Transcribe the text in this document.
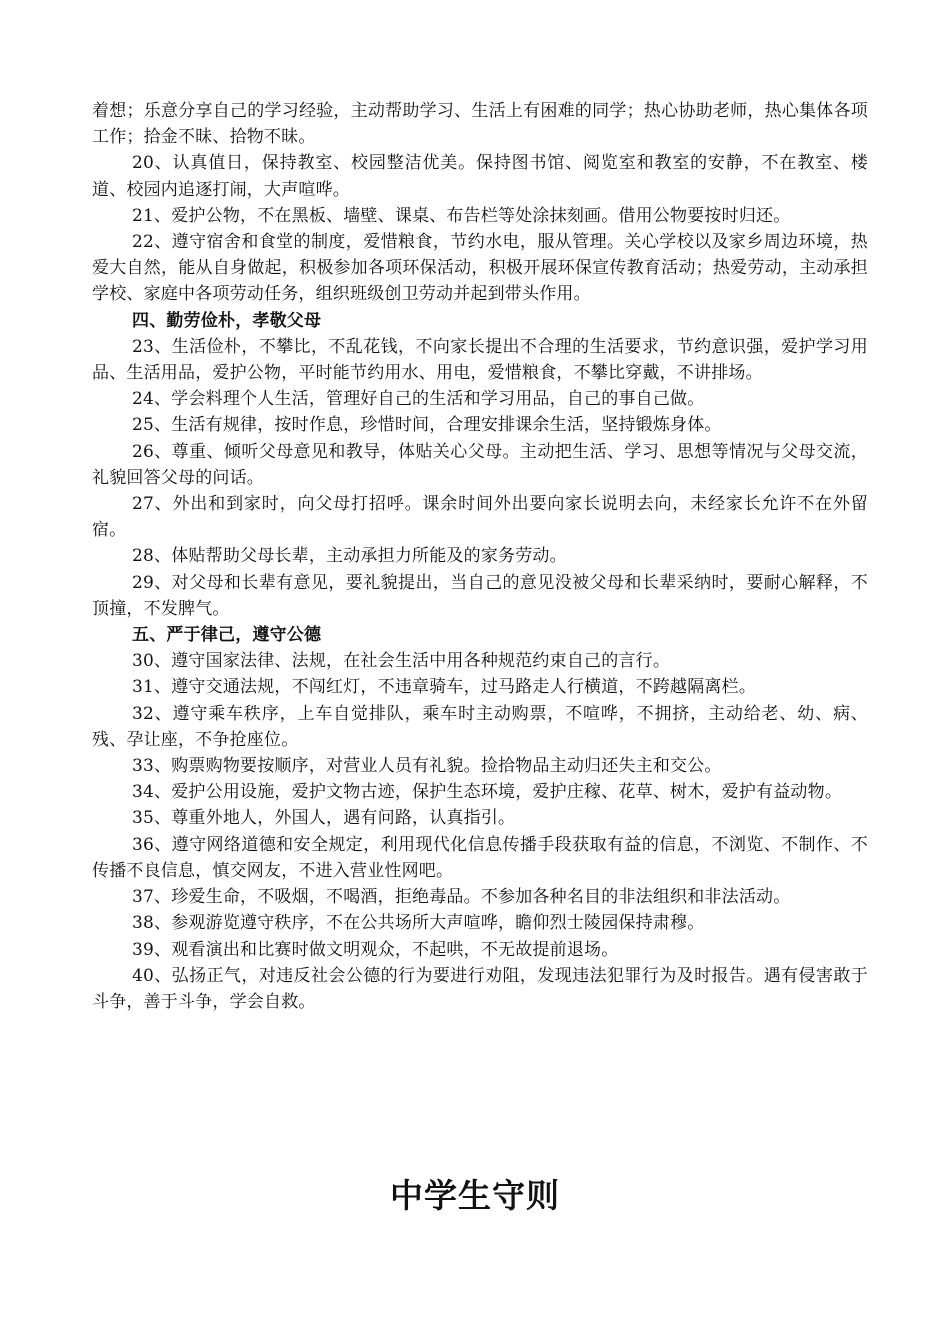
着想；乐意分享自己的学习经验，主动帮助学习、生活上有困难的同学；热心协助老师，热心集体各项工作；拾金不昧、拾物不昧。

20、认真值日，保持教室、校园整洁优美。保持图书馆、阅览室和教室的安静，不在教室、楼道、校园内追逐打闹，大声喧哗。

21、爱护公物，不在黑板、墙壁、课桌、布告栏等处涂抹刻画。借用公物要按时归还。

22、遵守宿舍和食堂的制度，爱惜粮食，节约水电，服从管理。关心学校以及家乡周边环境，热爱大自然，能从自身做起，积极参加各项环保活动，积极开展环保宣传教育活动；热爱劳动，主动承担学校、家庭中各项劳动任务，组织班级创卫劳动并起到带头作用。

四、勤劳俭朴，孝敬父母

23、生活俭朴，不攀比，不乱花钱，不向家长提出不合理的生活要求，节约意识强，爱护学习用品、生活用品，爱护公物，平时能节约用水、用电，爱惜粮食，不攀比穿戴，不讲排场。

24、学会料理个人生活，管理好自己的生活和学习用品，自己的事自己做。

25、生活有规律，按时作息，珍惜时间，合理安排课余生活，坚持锻炼身体。

26、尊重、倾听父母意见和教导，体贴关心父母。主动把生活、学习、思想等情况与父母交流，礼貌回答父母的问话。

27、外出和到家时，向父母打招呼。课余时间外出要向家长说明去向，未经家长允许不在外留宿。

28、体贴帮助父母长辈，主动承担力所能及的家务劳动。

29、对父母和长辈有意见，要礼貌提出，当自己的意见没被父母和长辈采纳时，要耐心解释，不顶撞，不发脾气。

五、严于律己，遵守公德

30、遵守国家法律、法规，在社会生活中用各种规范约束自己的言行。

31、遵守交通法规，不闯红灯，不违章骑车，过马路走人行横道，不跨越隔离栏。

32、遵守乘车秩序，上车自觉排队，乘车时主动购票，不喧哗，不拥挤，主动给老、幼、病、残、孕让座，不争抢座位。

33、购票购物要按顺序，对营业人员有礼貌。捡拾物品主动归还失主和交公。

34、爱护公用设施，爱护文物古迹，保护生态环境，爱护庄稼、花草、树木，爱护有益动物。

35、尊重外地人，外国人，遇有问路，认真指引。

36、遵守网络道德和安全规定，利用现代化信息传播手段获取有益的信息，不浏览、不制作、不传播不良信息，慎交网友，不进入营业性网吧。

37、珍爱生命，不吸烟，不喝酒，拒绝毒品。不参加各种名目的非法组织和非法活动。

38、参观游览遵守秩序，不在公共场所大声喧哗，瞻仰烈士陵园保持肃穆。

39、观看演出和比赛时做文明观众，不起哄，不无故提前退场。

40、弘扬正气，对违反社会公德的行为要进行劝阻，发现违法犯罪行为及时报告。遇有侵害敢于斗争，善于斗争，学会自救。

中学生守则
